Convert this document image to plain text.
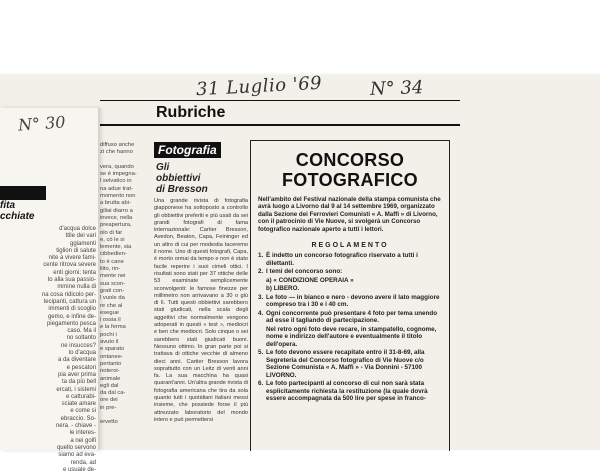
31 Luglio '69	N° 34
Rubriche
diffuso anche
zi che hanno

vera, quando
se è impegna-
l selvatico in
na adue trat-
momento non
a brutta abi-
giliai diarro a
invece, nella
preapertura,
olo di far
e, cò le si
lemente, sia
cibbedien-
to è cane
ilito, rin-
mente nei
sua scon-
grati con-
l vuole da
re che al
esegue
i ossia il
e la ferma
pochi i
avuto il
e sparato
ontanee-
pertanto
noteroi-
animale
egli dal
da dal ca-
ore dei
in pre-

ervetto
N° 30
fita
cchiate
d'acqua dolce
ttile dei vari
ggiamenti
tiglion di salute
nite a vivere fami-
cente ritrova severe
enti giorni; tenta
to alla sua passio-
mmine nulla di
na cosa ridicolo per-
tecipanti, cattura un
immenti di scoglio
gemo, e infine de-
piegamento pesca
caso. Ma il
no soltanto
ne insucces?
lo d'acqua
a da diventare
e pescatori
pia aver prima
ta da più bell
ercati, i sistemi
e catturabi-
sciate amare
e come si
ebraccio. So-
nera. - chiave -
le interes-
a nei golfi
quello servono
siamo ad eva-
renda, ad
e usuale de-
Fotografia
Gli
obbiettivi
di Bresson
Una grande rivista di fotografia giapponese ha sottoposto a controllo gli obbiettivi preferiti e più usati da sei grandi fotografi di fama internazionale: Cartier Bresson, Avedon, Beaton, Capa, Feininger ed un altro di cui per modestia taceremo il nome. Uno di questi fotografi, Capa, è morto ormai da tempo e non è stato facile reperire i suoi cimeli ottici. I risultati sono stati per 37 ottiche delle 53 esaminate semplicemente sconvolgenti: le famose finezze per millimetro non arrivavano a 30 o giù di lì. Tutti questi obbiettivi sarebbero stati giudicati, nella scala degli aggettivi che normalmente vengono adoperati in questi « test », mediocri e ben che mediocri. Solo cinque o sei sarebbero stati giudicati buoni. Nessuno ottimo. In gran parte poi si trattava di ottiche vecchie di almeno dieci anni. Cartier Bresson lavora soprattutto con un Leitz di venti anni fa. La sua macchina ha quasi quarant'anni. Un'altra grande rivista di fotografia americana che tira da sola quanto tutti i quotidiani italiani messi insieme, che possiede forse il più attrezzato laboratorio del mondo intero e può permettersi
CONCORSO
FOTOGRAFICO
Nell'ambito del Festival nazionale della stampa comunista che avrà luogo a Livorno dal 9 al 14 settembre 1969, organizzato dalla Sezione dei Ferrovieri Comunisti « A. Maffi » di Livorno, con il patrocinio di Vie Nuove, si svolgerà un Concorso fotografico nazionale aperto a tutti i lettori.
REGOLAMENTO
1. È indetto un concorso fotografico riservato a tutti i dilettanti.
2. I temi del concorso sono:
a) « CONDIZIONE OPERAIA »
b) LIBERO.
3. Le foto — in bianco e nero - devono avere il lato maggiore compreso tra i 30 e i 40 cm.
4. Ogni concorrente può presentare 4 foto per tema unendo ad esse il tagliando di partecipazione.
Nel retro ogni foto deve recare, in stampatello, cognome, nome e indirizzo dell'autore e eventualmente il titolo dell'opera.
5. Le foto devono essere recapitate entro il 31-8-69, alla Segreteria del Concorso fotografico di Vie Nuove c/o Sezione Comunista « A. Maffi » - Via Donnini - 57100 LIVORNO.
6. Le foto partecipanti al concorso di cui non sarà stata esplicitamente richiesta la restituzione (la quale dovrà essere accompagnata da 500 lire per spese in franco-
